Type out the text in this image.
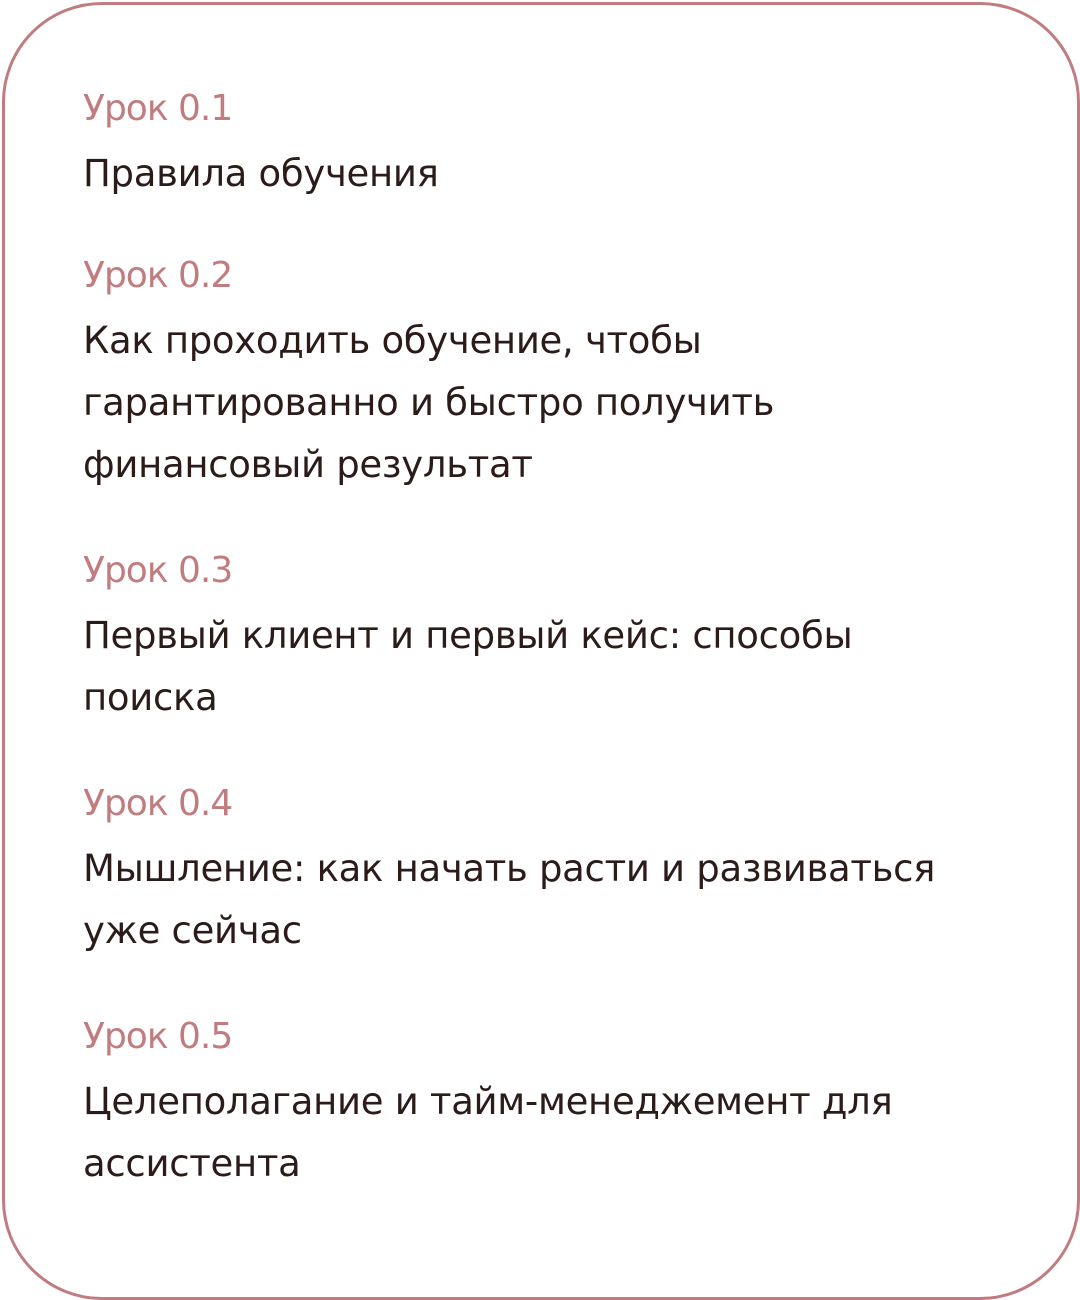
Урок 0.1
Правила обучения
Урок 0.2
Как проходить обучение, чтобы
гарантированно и быстро получить
финансовый результат
Урок 0.3
Первый клиент и первый кейс: способы
поиска
Урок 0.4
Мышление: как начать расти и развиваться
уже сейчас
Урок 0.5
Целеполагание и тайм-менеджемент для
ассистента
